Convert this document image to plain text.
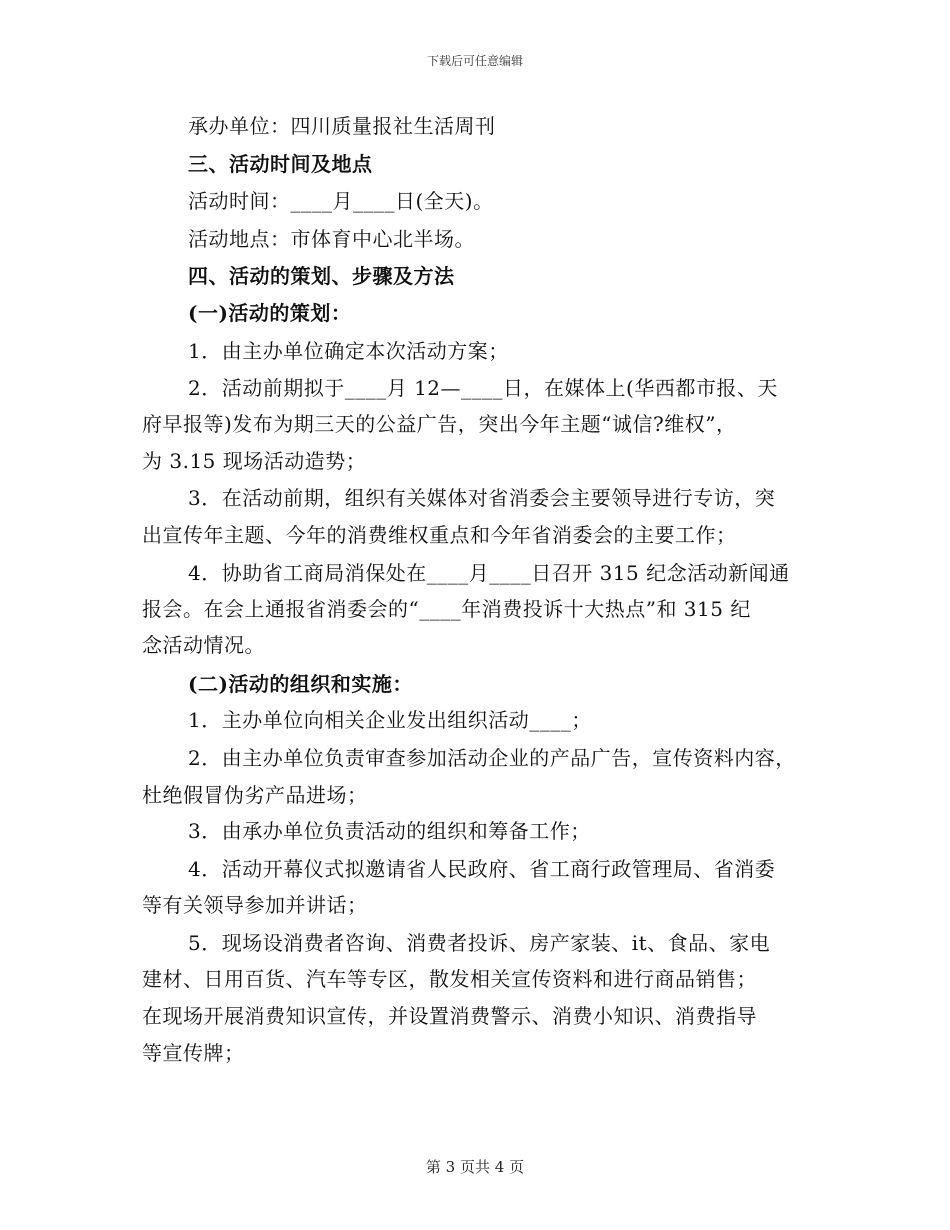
下载后可任意编辑
承办单位：四川质量报社生活周刊
三、活动时间及地点
活动时间：____月____日(全天)。
活动地点：市体育中心北半场。
四、活动的策划、步骤及方法
(一)活动的策划：
1．由主办单位确定本次活动方案；
2．活动前期拟于____月 12—____日，在媒体上(华西都市报、天
府早报等)发布为期三天的公益广告，突出今年主题“诚信?维权”，
为 3.15 现场活动造势；
3．在活动前期，组织有关媒体对省消委会主要领导进行专访，突
出宣传年主题、今年的消费维权重点和今年省消委会的主要工作；
4．协助省工商局消保处在____月____日召开 315 纪念活动新闻通
报会。在会上通报省消委会的“____年消费投诉十大热点”和 315 纪
念活动情况。
(二)活动的组织和实施：
1．主办单位向相关企业发出组织活动____；
2．由主办单位负责审查参加活动企业的产品广告，宣传资料内容，
杜绝假冒伪劣产品进场；
3．由承办单位负责活动的组织和筹备工作；
4．活动开幕仪式拟邀请省人民政府、省工商行政管理局、省消委
等有关领导参加并讲话；
5．现场设消费者咨询、消费者投诉、房产家装、it、食品、家电
建材、日用百货、汽车等专区，散发相关宣传资料和进行商品销售；
在现场开展消费知识宣传，并设置消费警示、消费小知识、消费指导
等宣传牌；
第 3 页共 4 页
